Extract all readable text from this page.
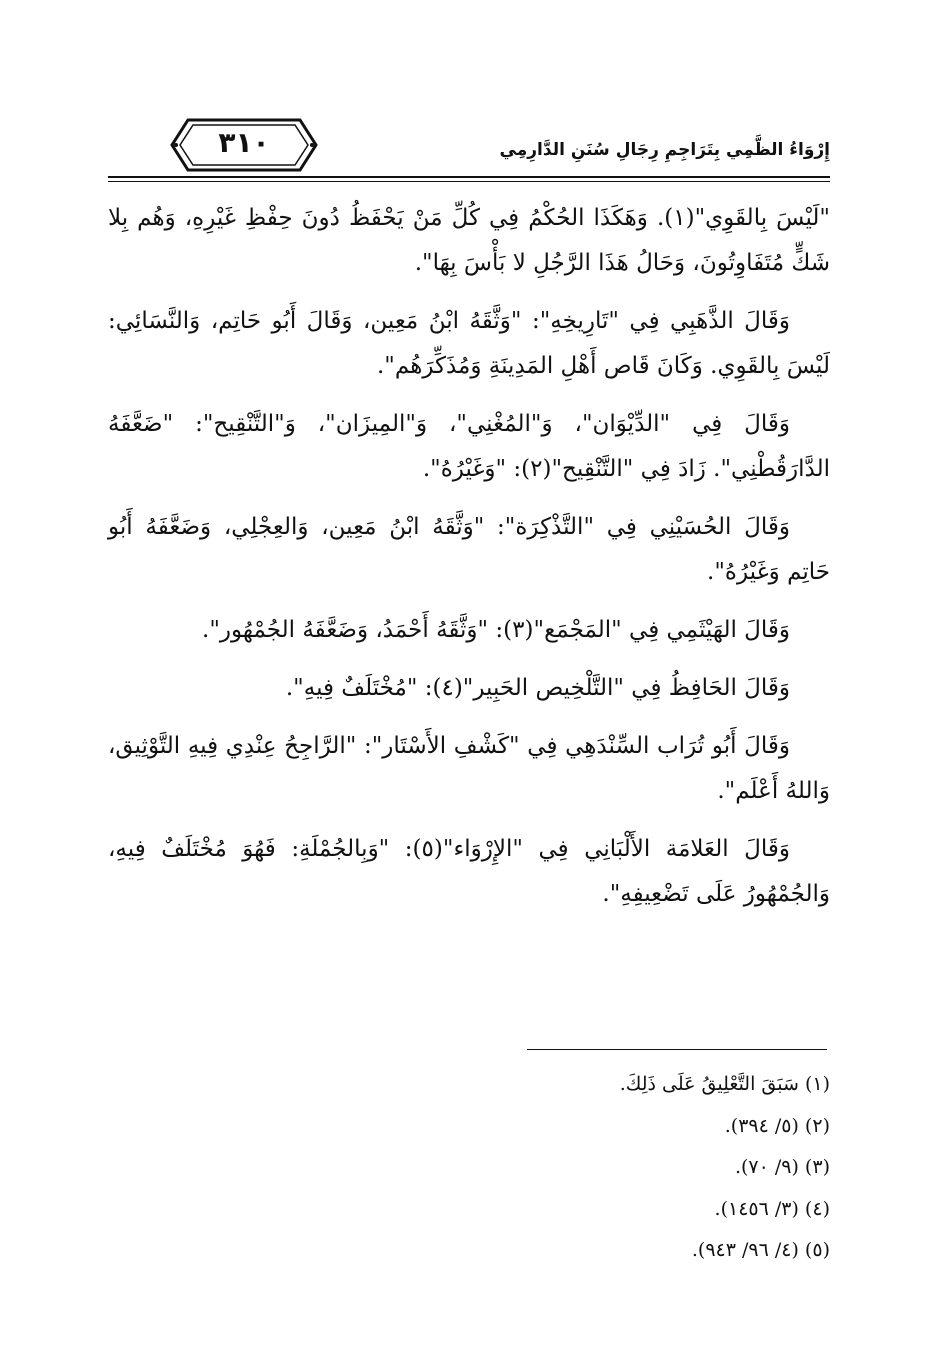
٣١٠	إِرْوَاءُ الظَّمِي بِتَرَاجِمِ رِجَالِ سُنَنِ الدَّارِمِي

"لَيْسَ بِالقَوِي"(١). وَهَكَذَا الحُكْمُ فِي كُلِّ مَنْ يَحْفَظُ دُونَ حِفْظِ غَيْرِهِ، وَهُم بِلا شَكٍّ مُتَفَاوِتُونَ، وَحَالُ هَذَا الرَّجُلِ لا بَأْسَ بِهَا".

وَقَالَ الذَّهَبِي فِي "تَارِيخِهِ": "وَثَّقَهُ ابْنُ مَعِين، وَقَالَ أَبُو حَاتِم، وَالنَّسَائِي: لَيْسَ بِالقَوِي. وَكَانَ قَاص أَهْلِ المَدِينَةِ وَمُذَكِّرَهُم".

وَقَالَ فِي "الدِّيْوَان"، وَ"المُغْنِي"، وَ"المِيزَان"، وَ"التَّنْقِيح": "ضَعَّفَهُ الدَّارَقُطْنِي". زَادَ فِي "التَّنْقِيح"(٢): "وَغَيْرُهُ".

وَقَالَ الحُسَيْنِي فِي "التَّذْكِرَة": "وَثَّقَهُ ابْنُ مَعِين، وَالعِجْلِي، وَضَعَّفَهُ أَبُو حَاتِم وَغَيْرُهُ".

وَقَالَ الهَيْثَمِي فِي "المَجْمَع"(٣): "وَثَّقَهُ أَحْمَدُ، وَضَعَّفَهُ الجُمْهُور".

وَقَالَ الحَافِظُ فِي "التَّلْخِيص الحَبِير"(٤): "مُخْتَلَفٌ فِيهِ".

وَقَالَ أَبُو تُرَاب السِّنْدَهِي فِي "كَشْفِ الأَسْتَار": "الرَّاجِحُ عِنْدِي فِيهِ التَّوْثِيق، وَاللهُ أَعْلَم".

وَقَالَ العَلامَة الأَلْبَانِي فِي "الإِرْوَاء"(٥): "وَبِالجُمْلَةِ: فَهُوَ مُخْتَلَفٌ فِيهِ، وَالجُمْهُورُ عَلَى تَضْعِيفِهِ".

(١) سَبَقَ التَّعْلِيقُ عَلَى ذَلِكَ.
(٢) (٥/ ٣٩٤).
(٣) (٩/ ٧٠).
(٤) (٣/ ١٤٥٦).
(٥) (٤/ ٩٦/ ٩٤٣).
